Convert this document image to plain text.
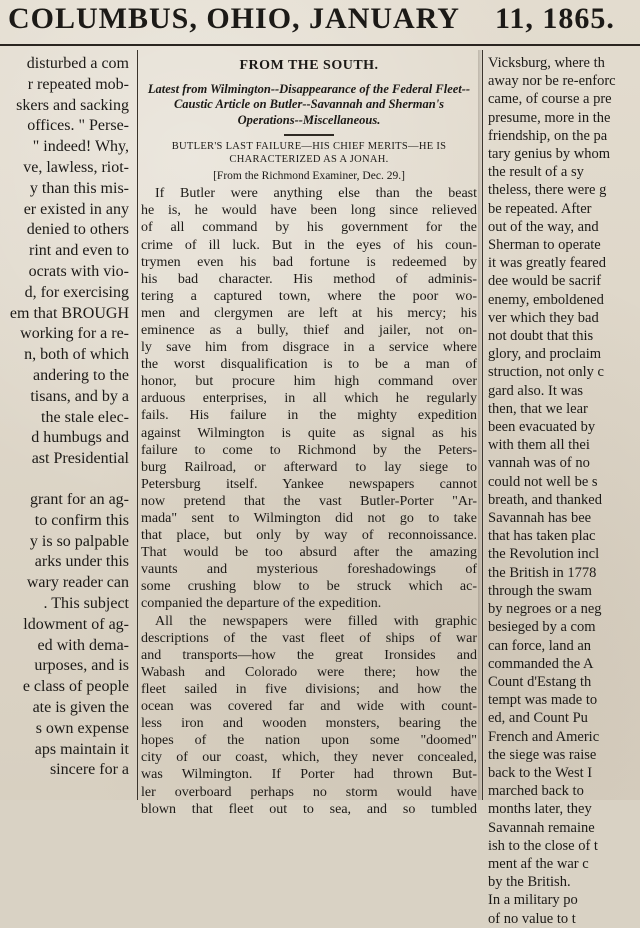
COLUMBUS, OHIO, JANUARY 11, 1865.
disturbed a com
r repeated mob-
skers and sacking
offices. " Perse-
" indeed! Why,
ve, lawless, riot-
y than this mis-
er existed in any
denied to others
rint and even to
ocrats with vio-
d, for exercising
em that BROUGH
working for a re-
n, both of which
andering to the
tisans, and by a
the stale elec-
d humbugs and
ast Presidential
grant for an ag-
to confirm this
y is so palpable
arks under this
wary reader can
. This subject
ldowment of ag-
ed with dema-
urposes, and is
e class of people
ate is given the
s own expense
aps maintain it
sincere for a
FROM THE SOUTH.
Latest from Wilmington--Disappearance of the Federal Fleet--Caustic Article on Butler--Savannah and Sherman's Operations--Miscellaneous.
BUTLER'S LAST FAILURE—HIS CHIEF MERITS—HE IS CHARACTERIZED AS A JONAH.
[From the Richmond Examiner, Dec. 29.]
If Butler were anything else than the beast
he is, he would have been long since relieved
of all command by his government for the
crime of ill luck. But in the eyes of his coun-
trymen even his bad fortune is redeemed by
his bad character. His method of adminis-
tering a captured town, where the poor wo-
men and clergymen are left at his mercy; his
eminence as a bully, thief and jailer, not on-
ly save him from disgrace in a service where
the worst disqualification is to be a man of
honor, but procure him high command over
arduous enterprises, in all which he regularly
fails. His failure in the mighty expedition
against Wilmington is quite as signal as his
failure to come to Richmond by the Peters-
burg Railroad, or afterward to lay siege to
Petersburg itself. Yankee newspapers cannot
now pretend that the vast Butler-Porter "Ar-
mada" sent to Wilmington did not go to take
that place, but only by way of reconnoissance.
That would be too absurd after the amazing
vaunts and mysterious foreshadowings of
some crushing blow to be struck which ac-
companied the departure of the expedition.
All the newspapers were filled with graphic
descriptions of the vast fleet of ships of war
and transports—how the great Ironsides and
Wabash and Colorado were there; how the
fleet sailed in five divisions; and how the
ocean was covered far and wide with count-
less iron and wooden monsters, bearing the
hopes of the nation upon some "doomed"
city of our coast, which, they never concealed,
was Wilmington. If Porter had thrown But-
ler overboard perhaps no storm would have
blown that fleet out to sea, and so tumbled
Vicksburg, where th
away nor be re-enforc
came, of course a pre
presume, more in the
friendship, on the pa
tary genius by whom
the result of a sy
theless, there were g
be repeated. After
out of the way, and
Sherman to operate
it was greatly feared
dee would be sacrif
enemy, emboldened
ver which they bad
not doubt that this
glory, and proclaim
struction, not only c
gard also. It was
then, that we lear
been evacuated by
with them all thei
vannah was of no
could not well be s
breath, and thanked
Savannah has bee
that has taken plac
the Revolution incl
the British in 1778
through the swam
by negroes or a neg
besieged by a com
can force, land an
commanded the A
Count d'Estang th
tempt was made to
ed, and Count Pu
French and Americ
the siege was raise
back to the West I
marched back to
months later, they
Savannah remaine
ish to the close of t
ment af the war c
by the British.
In a military po
of no value to t
